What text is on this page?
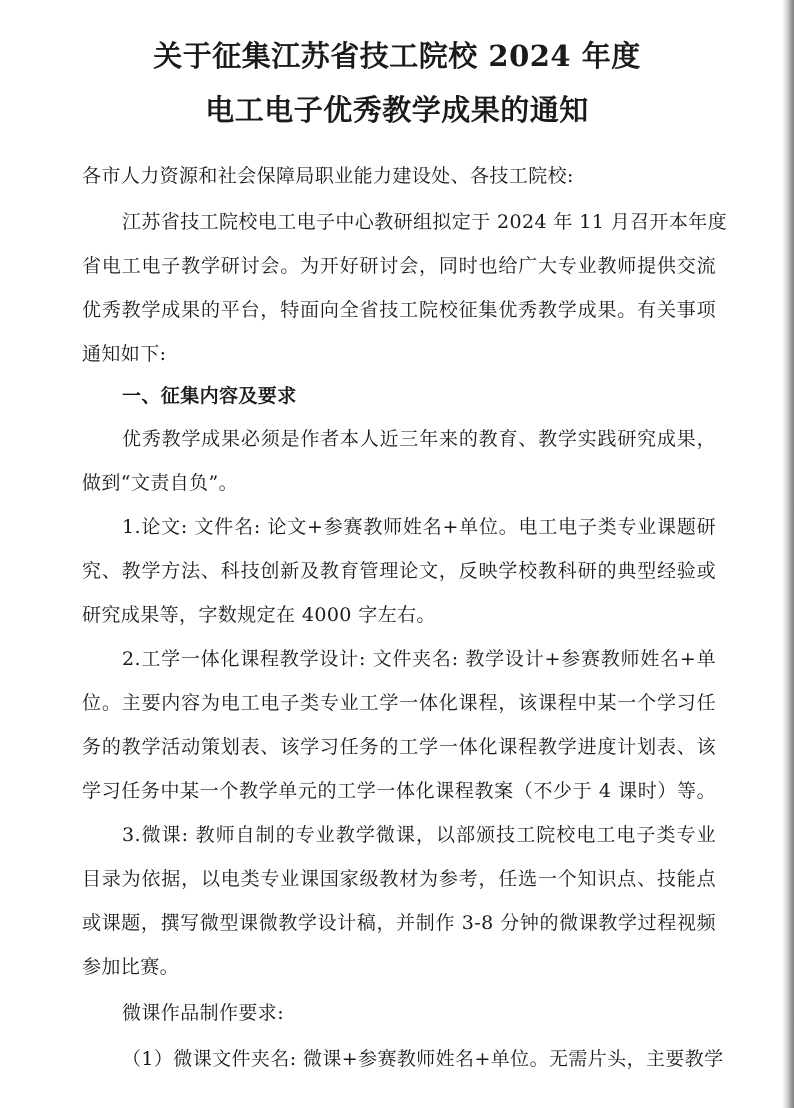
关于征集江苏省技工院校 2024 年度
电工电子优秀教学成果的通知
各市人力资源和社会保障局职业能力建设处、各技工院校:
江苏省技工院校电工电子中心教研组拟定于 2024 年 11 月召开本年度
省电工电子教学研讨会。为开好研讨会，同时也给广大专业教师提供交流
优秀教学成果的平台，特面向全省技工院校征集优秀教学成果。有关事项
通知如下:
一、征集内容及要求
优秀教学成果必须是作者本人近三年来的教育、教学实践研究成果，
做到“文责自负”。
1.论文: 文件名: 论文+参赛教师姓名+单位。电工电子类专业课题研
究、教学方法、科技创新及教育管理论文，反映学校教科研的典型经验或
研究成果等，字数规定在 4000 字左右。
2.工学一体化课程教学设计: 文件夹名: 教学设计+参赛教师姓名+单
位。主要内容为电工电子类专业工学一体化课程，该课程中某一个学习任
务的教学活动策划表、该学习任务的工学一体化课程教学进度计划表、该
学习任务中某一个教学单元的工学一体化课程教案（不少于 4 课时）等。
3.微课: 教师自制的专业教学微课，以部颁技工院校电工电子类专业
目录为依据，以电类专业课国家级教材为参考，任选一个知识点、技能点
或课题，撰写微型课微教学设计稿，并制作 3-8 分钟的微课教学过程视频
参加比赛。
微课作品制作要求:
（1）微课文件夹名: 微课+参赛教师姓名+单位。无需片头，主要教学
